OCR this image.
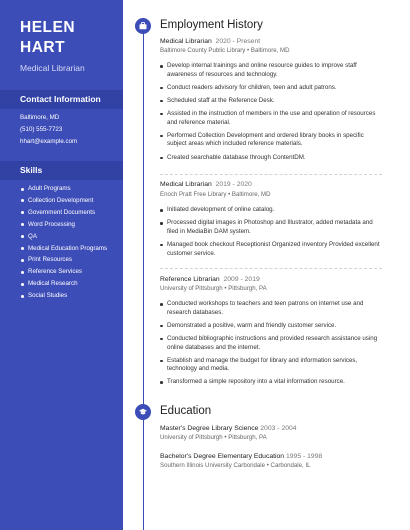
HELEN
HART
Medical Librarian
Contact Information
Baltimore, MD
(510) 555-7723
hhart@example.com
Skills
Adult Programs
Collection Development
Government Documents
Word Processing
QA
Medical Education Programs
Print Resources
Reference Services
Medical Research
Social Studies
Employment History
Medical Librarian 2020 - Present
Baltimore County Public Library • Baltimore, MD
Develop internal trainings and online resource guides to improve staff awareness of resources and technology.
Conduct readers advisory for children, teen and adult patrons.
Scheduled staff at the Reference Desk.
Assisted in the instruction of members in the use and operation of resources and reference material.
Performed Collection Development and ordered library books in specific subject areas which included reference materials.
Created searchable database through ContentDM.
Medical Librarian 2019 - 2020
Enoch Pratt Free Library • Baltimore, MD
Initiated development of online catalog.
Processed digital images in Photoshop and Illustrator, added metadata and filed in MediaBin DAM system.
Managed book checkout Receptionist Organized inventory Provided excellent customer service.
Reference Librarian 2009 - 2019
University of Pittsburgh • Pittsburgh, PA
Conducted workshops to teachers and teen patrons on internet use and research databases.
Demonstrated a positive, warm and friendly customer service.
Conducted bibliographic instructions and provided research assistance using online databases and the internet.
Establish and manage the budget for library and information services, technology and media.
Transformed a simple repository into a vital information resource.
Education
Master's Degree Library Science 2003 - 2004
University of Pittsburgh • Pittsburgh, PA
Bachelor's Degree Elementary Education 1995 - 1998
Southern Illinois University Carbondale • Carbondale, IL
